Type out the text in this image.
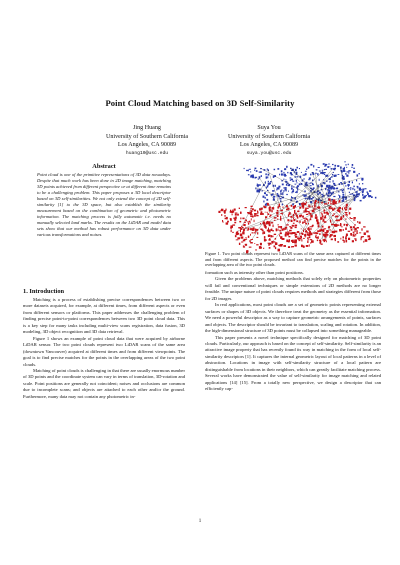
Point Cloud Matching based on 3D Self-Similarity
Jing Huang
University of Southern California
Los Angeles, CA 90089
huang10@usc.edu
Suya You
University of Southern California
Los Angeles, CA 90089
suya.you@usc.edu
Abstract
Point cloud is one of the primitive representations of 3D data nowadays. Despite that much work has been done in 2D image matching, matching 3D points achieved from different perspective or at different time remains to be a challenging problem. This paper proposes a 3D local descriptor based on 3D self-similarities. We not only extend the concept of 2D self-similarity [1] to the 3D space, but also establish the similarity measurement based on the combination of geometric and photometric information. The matching process is fully automatic i.e. needs no manually selected land marks. The results on the LiDAR and model data sets show that our method has robust performance on 3D data under various transformations and noises.
1. Introduction

Matching is a process of establishing precise correspondences between two or more datasets acquired, for example, at different times, from different aspects or even from different sensors or platforms. This paper addresses the challenging problem of finding precise point-to-point correspondences between two 3D point cloud data. This is a key step for many tasks including multi-view scans registration, data fusion, 3D modeling, 3D object recognition and 3D data retrieval.

Figure 1 shows an example of point cloud data that were acquired by airborne LiDAR sensor. The two point clouds represent two LiDAR scans of the same area (downtown Vancouver) acquired at different times and from different viewpoints. The goal is to find precise matches for the points in the overlapping areas of the two point clouds.

Matching of point clouds is challenging in that there are usually enormous number of 3D points and the coordinate system can vary in terms of translation, 3D-rotation and scale. Point positions are generally not coincident; noises and occlusions are common due to incomplete scans; and objects are attached to each other and/or the ground. Furthermore, many data may not contain any photometric in-

Figure 1. Two point clouds represent two LiDAR scans of the same area captured at different times and from different aspects. The proposed method can find precise matches for the points in the overlapping area of the two point clouds.

formation such as intensity other than point positions.

Given the problems above, matching methods that solely rely on photometric properties will fail and conventional techniques or simple extensions of 2D methods are no longer feasible. The unique nature of point clouds requires methods and strategies different from those for 2D images.

In real applications, most point clouds are a set of geometric points representing external surfaces or shapes of 3D objects. We therefore treat the geometry as the essential information. We need a powerful descriptor as a way to capture geometric arrangements of points, surfaces and objects. The descriptor should be invariant to translation, scaling and rotation. In addition, the high-dimensional structure of 3D points must be collapsed into something manageable.

This paper presents a novel technique specifically designed for matching of 3D point clouds. Particularly, our approach is based on the concept of self-similarity. Self-similarity is an attractive image property that has recently found its way in matching in the form of local self-similarity descriptors [1]. It captures the internal geometric layout of local patterns in a level of abstraction. Locations in image with self-similarity structure of a local pattern are distinguishable from locations in their neighbors, which can greatly facilitate matching process. Several works have demonstrated the value of self-similarity for image matching and related applications [14] [15]. From a totally new perspective, we design a descriptor that can efficiently cap-

1
